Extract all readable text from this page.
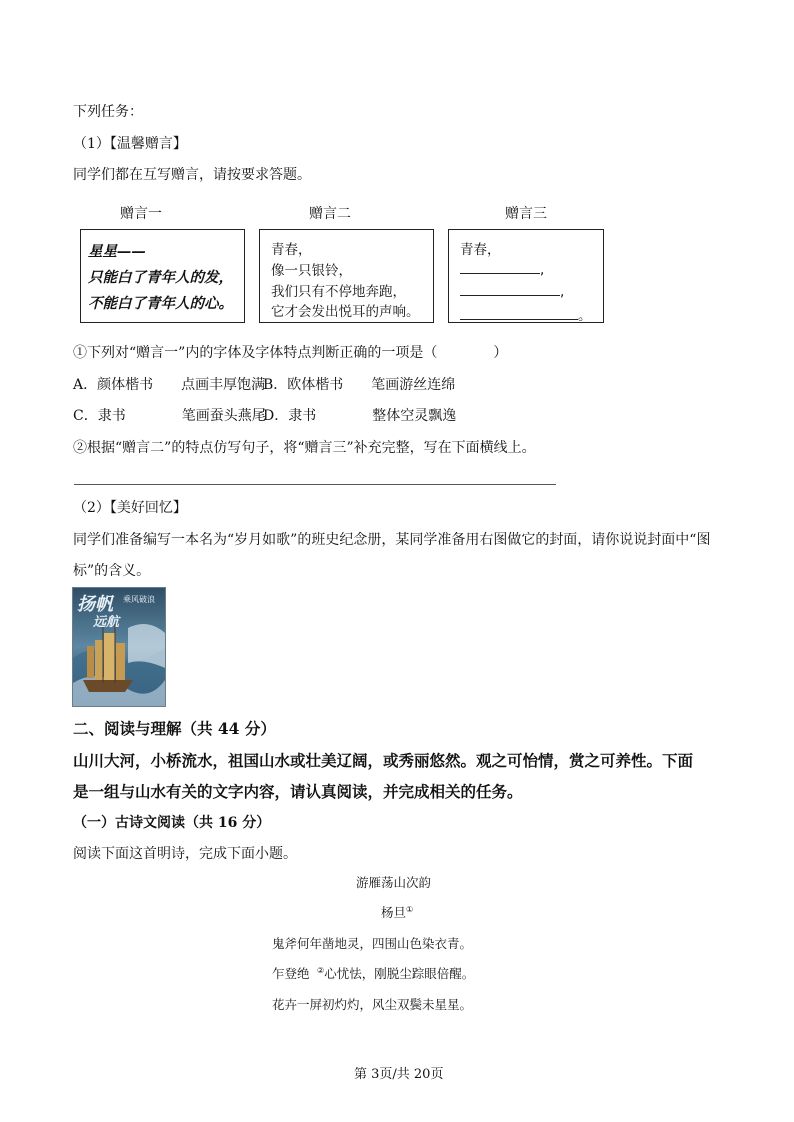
下列任务：
（1）【温馨赠言】
同学们都在互写赠言，请按要求答题。
赠言一	赠言二	赠言三
星星——
只能白了青年人的发，
不能白了青年人的心。
青春，
像一只银铃，
我们只有不停地奔跑，
它才会发出悦耳的声响。
青春，
,
,
。
①下列对“赠言一”内的字体及字体特点判断正确的一项是（　　　　）
A．颜体楷书　　点画丰厚饱满
B．欧体楷书　　笔画游丝连绵
C．隶书　　　　笔画蚕头燕尾
D．隶书　　　　整体空灵飘逸
②根据“赠言二”的特点仿写句子，将“赠言三”补充完整，写在下面横线上。
（2）【美好回忆】
同学们准备编写一本名为“岁月如歌”的班史纪念册，某同学准备用右图做它的封面，请你说说封面中“图
标”的含义。
扬帆 乘风破浪
远航
二、阅读与理解（共 44 分）
山川大河，小桥流水，祖国山水或壮美辽阔，或秀丽悠然。观之可怡情，赏之可养性。下面
是一组与山水有关的文字内容，请认真阅读，并完成相关的任务。
（一）古诗文阅读（共 16 分）
阅读下面这首明诗，完成下面小题。
游雁荡山次韵
杨旦①
鬼斧何年凿地灵，四围山色染衣青。
乍登绝 ②心忧怯，刚脱尘踪眼倍醒。
花卉一屏初灼灼，风尘双鬓未星星。
第 3页/共 20页
